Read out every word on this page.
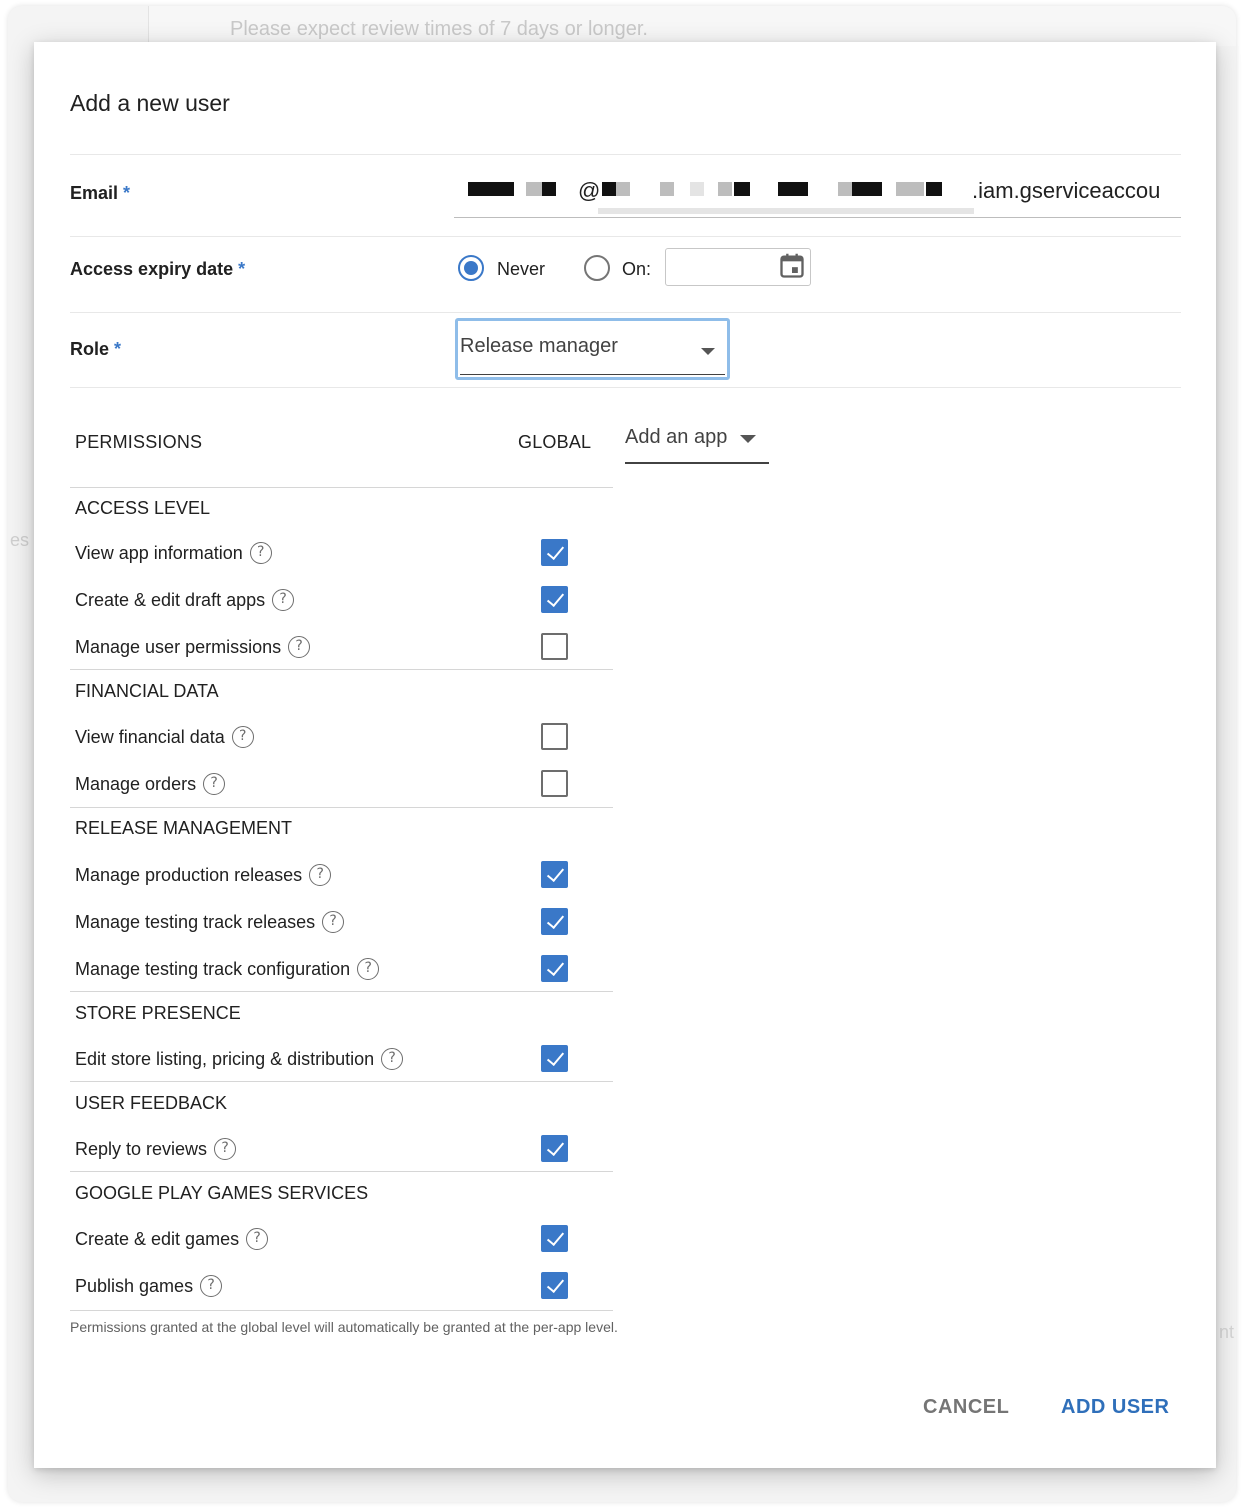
Please expect review times of 7 days or longer.
es
nt
Add a new user
Email *	@	.iam.gserviceaccou
Access expiry date *	Never	On:
Role *	Release manager
PERMISSIONS	GLOBAL Add an app
ACCESS LEVEL
View app information	?
Create & edit draft apps	?
Manage user permissions	?
FINANCIAL DATA
View financial data	?
Manage orders	?
RELEASE MANAGEMENT
Manage production releases	?
Manage testing track releases	?
Manage testing track configuration	?
STORE PRESENCE
Edit store listing, pricing & distribution	?
USER FEEDBACK
Reply to reviews	?
GOOGLE PLAY GAMES SERVICES
Create & edit games	?
Publish games	?
Permissions granted at the global level will automatically be granted at the per-app level.
CANCEL	ADD USER
